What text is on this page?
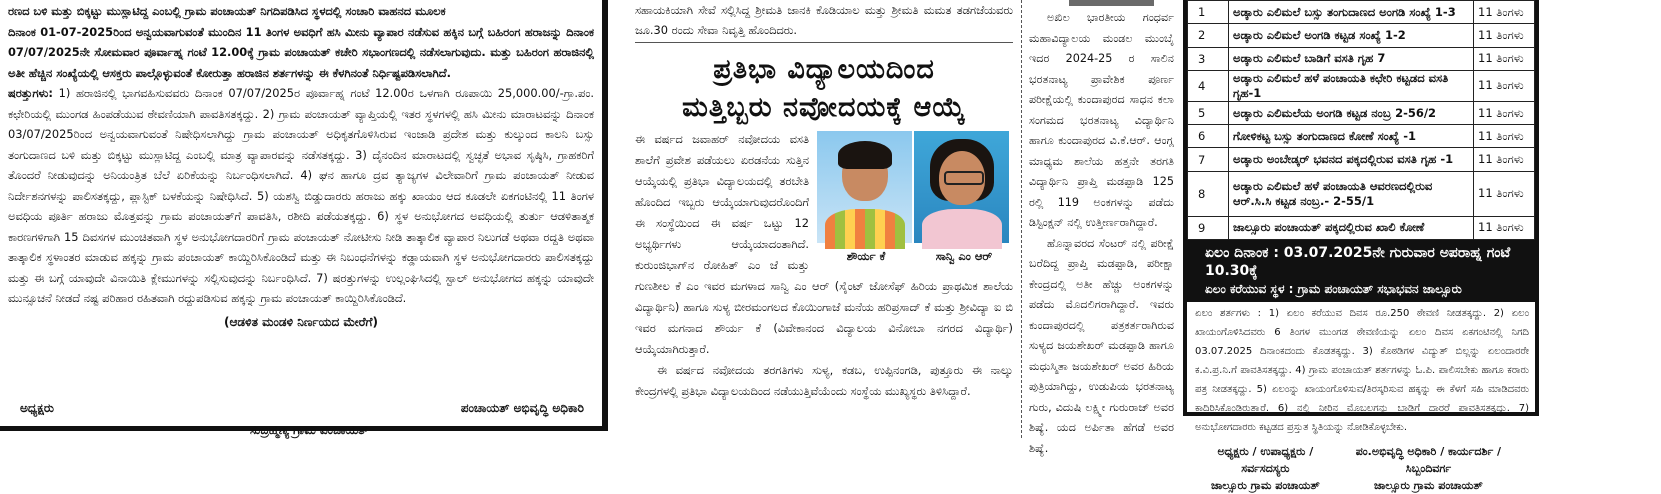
ರಣದ ಬಳಿ ಮತ್ತು ಬಿಕ್ಕಟ್ಟು ಮುಸ್ಲಾಟಿದ್ದ ಎಂಬಲ್ಲಿ ಗ್ರಾಮ ಪಂಚಾಯತ್ ನಿಗದಿಪಡಿಸಿದ ಸ್ಥಳದಲ್ಲಿ ಸಂಚಾರಿ ವಾಹನದ ಮೂಲಕ

ದಿನಾಂಕ 01-07-2025ರಿಂದ ಅನ್ವಯವಾಗುವಂತೆ ಮುಂದಿನ 11 ತಿಂಗಳ ಅವಧಿಗೆ ಹಸಿ ಮೀನು ವ್ಯಾಪಾರ ನಡೆಸುವ ಹಕ್ಕಿನ ಬಗ್ಗೆ ಬಹಿರಂಗ ಹರಾಜನ್ನು ದಿನಾಂಕ 07/07/2025ನೇ ಸೋಮವಾರ ಪೂರ್ವಾಹ್ನ ಗಂಟೆ 12.00ಕ್ಕೆ ಗ್ರಾಮ ಪಂಚಾಯತ್ ಕಚೇರಿ ಸಭಾಂಗಣದಲ್ಲಿ ನಡೆಸಲಾಗುವುದು. ಮತ್ತು ಬಹಿರಂಗ ಹರಾಜಿನಲ್ಲಿ ಅತೀ ಹೆಚ್ಚಿನ ಸಂಖ್ಯೆಯಲ್ಲಿ ಆಸಕ್ತರು ಪಾಲ್ಗೊಳ್ಳುವಂತೆ ಕೋರುತ್ತಾ ಹರಾಜಿನ ಶರ್ತಗಳನ್ನು ಈ ಕೆಳಗಿನಂತೆ ನಿರ್ಧಿಷ್ಟಪಡಿಸಲಾಗಿದೆ.

ಷರತ್ತುಗಳು: 1) ಹರಾಜಿನಲ್ಲಿ ಭಾಗವಹಿಸುವವರು ದಿನಾಂಕ 07/07/2025ರ ಪೂರ್ವಾಹ್ನ ಗಂಟೆ 12.00ರ ಒಳಗಾಗಿ ರೂಪಾಯಿ 25,000.00/-ಗ್ರಾ.ಪಂ. ಕಛೇರಿಯಲ್ಲಿ ಮುಂಗಡ ಹಿಂಪಡೆಯುವ ಠೇವಣಿಯಾಗಿ ಪಾವತಿಸತಕ್ಕದ್ದು. 2) ಗ್ರಾಮ ಪಂಚಾಯತ್ ವ್ಯಾಪ್ತಿಯಲ್ಲಿ ಇತರ ಸ್ಥಳಗಳಲ್ಲಿ ಹಸಿ ಮೀನು ಮಾರಾಟವನ್ನು ದಿನಾಂಕ 03/07/2025ರಿಂದ ಅನ್ವಯವಾಗುವಂತೆ ನಿಷೇಧಿಸಲಾಗಿದ್ದು ಗ್ರಾಮ ಪಂಚಾಯತ್ ಅಧಿಕೃತಗೊಳಿಸಿರುವ ಇಂಜಾಡಿ ಪ್ರದೇಶ ಮತ್ತು ಕುಲ್ಕುಂದ ಕಾಲನಿ ಬಸ್ಸು ತಂಗುದಾಣದ ಬಳಿ ಮತ್ತು ಬಿಕ್ಕಟ್ಟು ಮುಸ್ಲಾಟಿದ್ದ ಎಂಬಲ್ಲಿ ಮಾತ್ರ ವ್ಯಾಪಾರವನ್ನು ನಡೆಸತಕ್ಕದ್ದು. 3) ದೈನಂದಿನ ಮಾರಾಟದಲ್ಲಿ ಸ್ವಚ್ಛತೆ ಅಭಾವ ಸೃಷ್ಠಿಸಿ, ಗ್ರಾಹಕರಿಗೆ ತೊಂದರೆ ನೀಡುವುದನ್ನು ಅನಿಯಂತ್ರಿತ ಬೆಲೆ ಏರಿಕೆಯನ್ನು ನಿರ್ಬಂಧಿಸಲಾಗಿದೆ. 4) ಘನ ಹಾಗೂ ದ್ರವ ತ್ಯಾಜ್ಯಗಳ ವಿಲೇವಾರಿಗೆ ಗ್ರಾಮ ಪಂಚಾಯತ್ ನೀಡುವ ನಿರ್ದೇಶನಗಳನ್ನು ಪಾಲಿಸತಕ್ಕದ್ದು, ಪ್ಲಾಸ್ಟಿಕ್ ಬಳಕೆಯನ್ನು ನಿಷೇಧಿಸಿದೆ. 5) ಯಶಸ್ವಿ ಬಿಡ್ಡುದಾರರು ಹರಾಜು ಹಕ್ಕು ಖಾಯಂ ಆದ ಕೂಡಲೇ ಏಕಗಂಟಿನಲ್ಲಿ 11 ತಿಂಗಳ ಅವಧಿಯ ಪೂರ್ತಿ ಹರಾಜು ಮೊತ್ತವನ್ನು ಗ್ರಾಮ ಪಂಚಾಯತ್‌ಗೆ ಪಾವತಿಸಿ, ರಶೀದಿ ಪಡೆಯತಕ್ಕದ್ದು. 6) ಸ್ಥಳ ಅನುಭೋಗದ ಅವಧಿಯಲ್ಲಿ ತುರ್ತು ಆಡಳಿತಾತ್ಮಕ ಕಾರಣಗಳಿಗಾಗಿ 15 ದಿವಸಗಳ ಮುಂಚಿತವಾಗಿ ಸ್ಥಳ ಅನುಭೋಗದಾರರಿಗೆ ಗ್ರಾಮ ಪಂಚಾಯತ್ ನೋಟೀಸು ನೀಡಿ ತಾತ್ಕಾಲಿಕ ವ್ಯಾಪಾರ ನಿಲುಗಡೆ ಅಥವಾ ರದ್ದತಿ ಅಥವಾ ತಾತ್ಕಾಲಿಕ ಸ್ಥಳಾಂತರ ಮಾಡುವ ಹಕ್ಕನ್ನು ಗ್ರಾಮ ಪಂಚಾಯತ್ ಕಾಯ್ದಿರಿಸಿಕೊಂಡಿದೆ ಮತ್ತು ಈ ನಿಬಂಧನೆಗಳನ್ನು ಕಡ್ಡಾಯವಾಗಿ ಸ್ಥಳ ಅನುಭೋಗದಾರರು ಪಾಲಿಸತಕ್ಕದ್ದು ಮತ್ತು ಈ ಬಗ್ಗೆ ಯಾವುದೇ ವಿನಾಯಿತಿ ಕ್ಲೇಮುಗಳನ್ನು ಸಲ್ಲಿಸುವುದನ್ನು ನಿರ್ಬಂಧಿಸಿದೆ. 7) ಷರತ್ತುಗಳನ್ನು ಉಲ್ಲಂಘಿಸಿದಲ್ಲಿ ಸ್ಟಾಲ್ ಅನುಭೋಗದ ಹಕ್ಕನ್ನು ಯಾವುದೇ ಮುನ್ಸೂಚನೆ ನೀಡದೆ ನಷ್ಟ ಪರಿಹಾರ ರಹಿತವಾಗಿ ರದ್ದುಪಡಿಸುವ ಹಕ್ಕನ್ನು ಗ್ರಾಮ ಪಂಚಾಯತ್ ಕಾಯ್ದಿರಿಸಿಕೊಂಡಿದೆ.

(ಆಡಳಿತ ಮಂಡಳಿ ನಿರ್ಣಯದ ಮೇರೆಗೆ)

ಅಧ್ಯಕ್ಷರು
ಸುಬ್ರಹ್ಮಣ್ಯ ಗ್ರಾಮ ಪಂಚಾಯತ್
ಪಂಚಾಯತ್ ಅಭಿವೃದ್ಧಿ ಅಧಿಕಾರಿ

ಸಹಾಯಕಿಯಾಗಿ ಸೇವೆ ಸಲ್ಲಿಸಿದ್ದ ಶ್ರೀಮತಿ ಜಾನಕಿ ಕೊಡಿಯಾಲ ಮತ್ತು ಶ್ರೀಮತಿ ಮಮತ ತಡಗಜೆಯವರು ಜೂ.30 ರಂದು ಸೇವಾ ನಿವೃತ್ತಿ ಹೊಂದಿದರು.

ಪ್ರತಿಭಾ ವಿದ್ಯಾಲಯದಿಂದ
ಮತ್ತಿಬ್ಬರು ನವೋದಯಕ್ಕೆ ಆಯ್ಕೆ
ಶೌರ್ಯ ಕೆ	ಸಾನ್ವಿ ಎಂ ಆರ್

ಈ ವರ್ಷದ ಜವಾಹರ್ ನವೋದಯ ವಸತಿ ಶಾಲೆಗೆ ಪ್ರವೇಶ ಪಡೆಯಲು ಏರಡನೆಯ ಸುತ್ತಿನ ಆಯ್ಕೆಯಲ್ಲಿ ಪ್ರತಿಭಾ ವಿದ್ಯಾಲಯದಲ್ಲಿ ತರಬೇತಿ ಹೊಂದಿದ ಇಬ್ಬರು ಆಯ್ಕೆಯಾಗುವುದರೊಂದಿಗೆ ಈ ಸಂಸ್ಥೆಯಿಂದ ಈ ವರ್ಷ ಒಟ್ಟು 12 ಅಭ್ಯರ್ಥಿಗಳು ಆಯ್ಕೆಯಾದಂತಾಗಿದೆ. ಕುರುಂಜಿಭಾಗ್‌ನ ರೋಹಿತ್ ಎಂ ಜೆ ಮತ್ತು ಗುಣಶೀಲ ಕೆ ಎಂ ಇವರ ಮಗಳಾದ ಸಾನ್ವಿ ಎಂ ಆರ್ (ಸೈಂಟ್ ಜೋಸೆಫ್ ಹಿರಿಯ ಪ್ರಾಥಮಿಕ ಶಾಲೆಯ ವಿದ್ಯಾರ್ಥಿನಿ) ಹಾಗೂ ಸುಳ್ಯ ಬೀರಮಂಗಲದ ಕೊಯಿಂಗಾಜೆ ಮನೆಯ ಹರಿಪ್ರಸಾದ್ ಕೆ ಮತ್ತು ಶ್ರೀವಿದ್ಯಾ ಐ ಬಿ ಇವರ ಮಗನಾದ ಶೌರ್ಯ ಕೆ (ವಿವೇಕಾನಂದ ವಿದ್ಯಾಲಯ ವಿನೋಬಾ ನಗರದ ವಿದ್ಯಾರ್ಥಿ) ಆಯ್ಕೆಯಾಗಿರುತ್ತಾರೆ.

ಈ ವರ್ಷದ ನವೋದಯ ತರಗತಿಗಳು ಸುಳ್ಯ, ಕಡಬ, ಉಪ್ಪಿನಂಗಡಿ, ಪುತ್ತೂರು ಈ ನಾಲ್ಕು ಕೇಂದ್ರಗಳಲ್ಲಿ ಪ್ರತಿಭಾ ವಿದ್ಯಾಲಯದಿಂದ ನಡೆಯುತ್ತಿವೆಯೆಂದು ಸಂಸ್ಥೆಯ ಮುಖ್ಯಸ್ಥರು ತಿಳಿಸಿದ್ದಾರೆ.

ಅಖಿಲ ಭಾರತೀಯ ಗಂಧರ್ವ ಮಹಾವಿದ್ಯಾಲಯ ಮಂಡಲ ಮುಂಬೈ ಇದರ 2024-25 ರ ಸಾಲಿನ ಭರತನಾಟ್ಯ ಪ್ರಾವೇಶಿಕ ಪೂರ್ಣ ಪರೀಕ್ಷೆಯಲ್ಲಿ ಕುಂದಾಪುರದ ಸಾಧನ ಕಲಾ ಸಂಗಮದ ಭರತನಾಟ್ಯ ವಿದ್ಯಾರ್ಥಿನಿ ಹಾಗೂ ಕುಂದಾಪುರದ ವಿ.ಕೆ.ಆರ್. ಆಂಗ್ಲ ಮಾಧ್ಯಮ ಶಾಲೆಯ ಹತ್ತನೇ ತರಗತಿ ವಿದ್ಯಾರ್ಥಿನಿ ಪ್ರಾಪ್ತಿ ಮಡಪ್ಪಾಡಿ 125 ರಲ್ಲಿ 119 ಅಂಕಗಳನ್ನು ಪಡೆದು ಡಿಸ್ಟಿಂಕ್ಷನ್ ನಲ್ಲಿ ಉತ್ತೀರ್ಣರಾಗಿದ್ದಾರೆ.

ಹೊನ್ನಾವರದ ಸೆಂಟರ್ ನಲ್ಲಿ ಪರೀಕ್ಷೆ ಬರೆದಿದ್ದ ಪ್ರಾಪ್ತಿ ಮಡಪ್ಪಾಡಿ, ಪರೀಕ್ಷಾ ಕೇಂದ್ರದಲ್ಲಿ ಅತೀ ಹೆಚ್ಚು ಅಂಕಗಳನ್ನು ಪಡೆದು ಮೊದಲಿಗರಾಗಿದ್ದಾರೆ. ಇವರು ಕುಂದಾಪುರದಲ್ಲಿ ಪತ್ರಕರ್ತರಾಗಿರುವ ಸುಳ್ಯದ ಜಯಶೇಖರ್ ಮಡಪ್ಪಾಡಿ ಹಾಗೂ ಮಧುಸ್ಮಿತಾ ಜಯಶೇಖರ್ ಅವರ ಹಿರಿಯ ಪುತ್ರಿಯಾಗಿದ್ದು, ಉಡುಪಿಯ ಭರತನಾಟ್ಯ ಗುರು, ವಿದುಷಿ ಲಕ್ಷ್ಮೀ ಗುರುರಾಜ್ ಅವರ ಶಿಷ್ಯೆ. ಯದ ಅರ್ಪಿತಾ ಹೆಗಡೆ ಅವರ ಶಿಷ್ಯೆ.

1	ಅಡ್ಕಾರು ಎಲಿಮಲೆ ಬಸ್ಸು ತಂಗುದಾಣದ ಅಂಗಡಿ ಸಂಖ್ಯೆ 1-3	11 ತಿಂಗಳು
2	ಅಡ್ಕಾರು ಎಲಿಮಲೆ ಅಂಗಡಿ ಕಟ್ಟಡ ಸಂಖ್ಯೆ 1-2	11 ತಿಂಗಳು
3	ಅಡ್ಕಾರು ಎಲಿಮಲೆ ಬಾಡಿಗೆ ವಸತಿ ಗೃಹ 7	11 ತಿಂಗಳು
4	ಅಡ್ಕಾರು ಎಲಿಮಲೆ ಹಳೆ ಪಂಚಾಯತಿ ಕಛೇರಿ ಕಟ್ಟಡದ ವಸತಿ ಗೃಹ-1	11 ತಿಂಗಳು
5	ಅಡ್ಕಾರು ಎಲಿಮಲೆಯ ಅಂಗಡಿ ಕಟ್ಟಡ ನಂಬ್ರ 2-56/2	11 ತಿಂಗಳು
6	ಗೋಳಿಕಟ್ಟ ಬಸ್ಸು ತಂಗುದಾಣದ ಕೋಣೆ ಸಂಖ್ಯೆ -1	11 ತಿಂಗಳು
7	ಅಡ್ಕಾರು ಅಂಬೇಡ್ಕರ್ ಭವನದ ಪಕ್ಕದಲ್ಲಿರುವ ವಸತಿ ಗೃಹ -1	11 ತಿಂಗಳು
8	ಅಡ್ಕಾರು ಎಲಿಮಲೆ ಹಳೆ ಪಂಚಾಯತಿ ಆವರಣದಲ್ಲಿರುವ ಆರ್.ಸಿ.ಸಿ ಕಟ್ಟಡ ನಂಬ್ರ.- 2-55/1	11 ತಿಂಗಳು
9	ಜಾಲ್ಸೂರು ಪಂಚಾಯತ್ ಪಕ್ಕದಲ್ಲಿರುವ ಖಾಲಿ ಕೋಣೆ	11 ತಿಂಗಳು
ಏಲಂ ದಿನಾಂಕ : 03.07.2025ನೇ ಗುರುವಾರ ಅಪರಾಹ್ನ ಗಂಟೆ 10.30ಕ್ಕೆ
ಏಲಂ ಕರೆಯುವ ಸ್ಥಳ : ಗ್ರಾಮ ಪಂಚಾಯತ್ ಸಭಾಭವನ ಜಾಲ್ಸೂರು

ಏಲಂ ಶರ್ತಗಳು : 1) ಏಲಂ ಕರೆಯುವ ದಿವಸ ರೂ.250 ಠೇವಣಿ ನೀಡತಕ್ಕದ್ದು. 2) ಏಲಂ ಖಾಯಂಗೊಳಿಸಿದವರು 6 ತಿಂಗಳ ಮುಂಗಡ ಠೇವಣಿಯನ್ನು ಏಲಂ ದಿವಸ ಏಕಗಂಟಿನಲ್ಲಿ ನಿಗದಿ 03.07.2025 ದಿನಾಂಕದಂದು ಕೊಡತಕ್ಕದ್ದು. 3) ಕೊಠಡಿಗಳ ವಿದ್ಯುತ್ ಬಿಲ್ಲನ್ನು ಏಲಂದಾರರೇ ಕ.ವಿ.ಪ್ರ.ನಿ.ಗೆ ಪಾವತಿಸತಕ್ಕದ್ದು. 4) ಗ್ರಾಮ ಪಂಚಾಯತ್ ಶರ್ತಗಳನ್ನು ಓ.ಪಿ. ಪಾಲಿಸಬೇಕು ಹಾಗೂ ಕರಾರು ಪತ್ರ ನೀಡತಕ್ಕದ್ದು. 5) ಏಲಂನ್ನು ಖಾಯಂಗೊಳಿಸುವ/ತಿರಸ್ಕರಿಸುವ ಹಕ್ಕನ್ನು ಈ ಕೆಳಗೆ ಸಹಿ ಮಾಡಿದವರು ಕಾದಿರಿಸಿಕೊಂಡಿರುತ್ತಾರೆ. 6) ನಲ್ಲಿ ನೀರಿನ ಮೊಬಲಗನ್ನು ಬಾಡಿಗೆ ದಾರರೆ ಪಾವತಿಸತಕ್ಕದ್ದು. 7) ಅನುಭೋಗದಾರರು ಕಟ್ಟಡದ ಪ್ರಸ್ತುತ ಸ್ಥಿತಿಯನ್ನು ನೋಡಿಕೊಳ್ಳಬೇಕು.

ಅಧ್ಯಕ್ಷರು / ಉಪಾಧ್ಯಕ್ಷರು / ಸರ್ವಸದಸ್ಯರು
ಜಾಲ್ಸೂರು ಗ್ರಾಮ ಪಂಚಾಯತ್
ಪಂ.ಅಭಿವೃದ್ಧಿ ಅಧಿಕಾರಿ / ಕಾರ್ಯದರ್ಶಿ / ಸಿಬ್ಬಂದಿವರ್ಗ
ಜಾಲ್ಸೂರು ಗ್ರಾಮ ಪಂಚಾಯತ್
